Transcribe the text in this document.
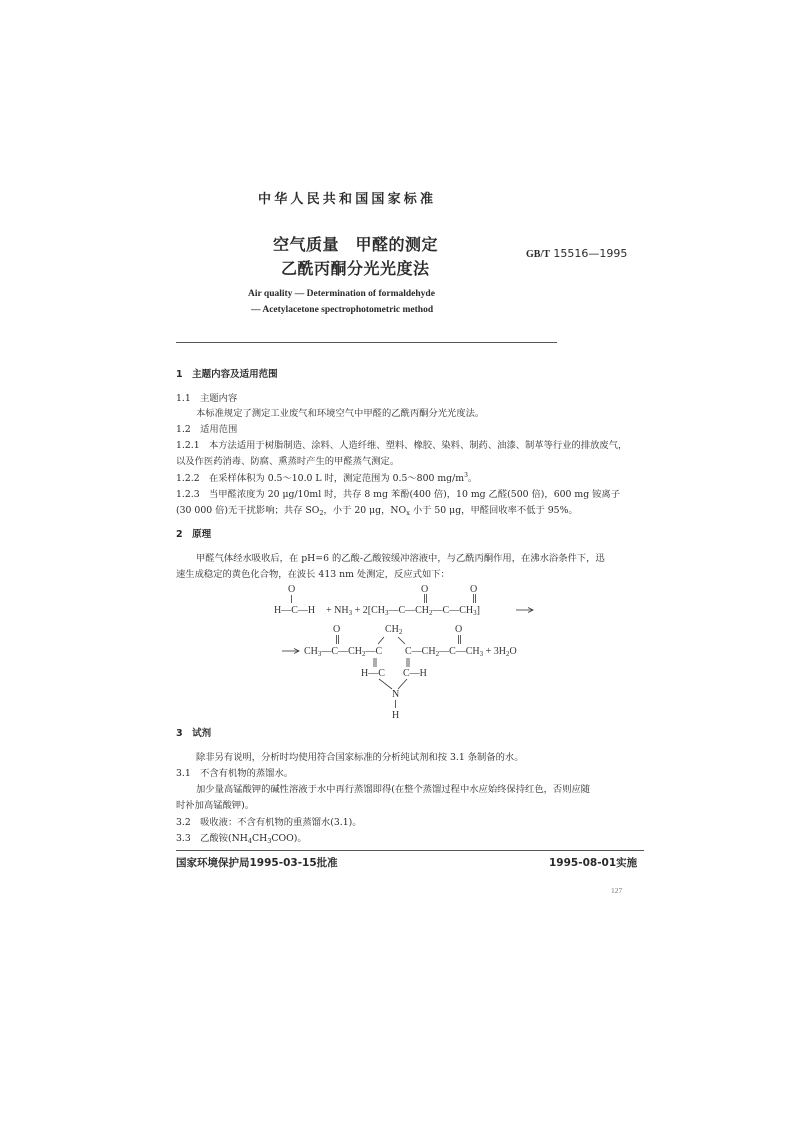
中华人民共和国国家标准
空气质量　甲醛的测定
乙酰丙酮分光光度法
GB/T 15516—1995
Air quality — Determination of formaldehyde
— Acetylacetone spectrophotometric method
1　主题内容及适用范围
1.1　主题内容
本标准规定了测定工业废气和环境空气中甲醛的乙酰丙酮分光光度法。
1.2　适用范围
1.2.1　本方法适用于树脂制造、涂料、人造纤维、塑料、橡胶、染料、制药、油漆、制革等行业的排放废气，
以及作医药消毒、防腐、熏蒸时产生的甲醛蒸气测定。
1.2.2　在采样体积为 0.5～10.0 L 时，测定范围为 0.5～800 $mg/m^3$。
1.2.3　当甲醛浓度为 20 μg/10ml 时，共存 8 mg 苯酚(400 倍)，10 mg 乙醛(500 倍)，600 mg 铵离子
(30 000 倍)无干扰影响；共存 $SO_2$，小于 20 μg，$NO_x$ 小于 50 μg，甲醛回收率不低于 95%。
2　原理
甲醛气体经水吸收后，在 pH=6 的乙酸-乙酸铵缓冲溶液中，与乙酰丙酮作用，在沸水浴条件下，迅
速生成稳定的黄色化合物，在波长 413 nm 处测定，反应式如下：
O
H—C—H + $NH_3$ + $2[CH_3—C—CH_2—C—CH_3]$
O	O
$CH_3—C—CH_2—C$
O	$CH_2$
$C—CH_2—C—CH_3 + 3H_2O$
O
H—C C—H
N
H
3　试剂
除非另有说明，分析时均使用符合国家标准的分析纯试剂和按 3.1 条制备的水。
3.1　不含有机物的蒸馏水。
加少量高锰酸钾的碱性溶液于水中再行蒸馏即得(在整个蒸馏过程中水应始终保持红色，否则应随
时补加高锰酸钾)。
3.2　吸收液：不含有机物的重蒸馏水(3.1)。
3.3　乙酸铵$(NH_4CH_3COO)$。
国家环境保护局1995-03-15批准	1995-08-01实施
127
